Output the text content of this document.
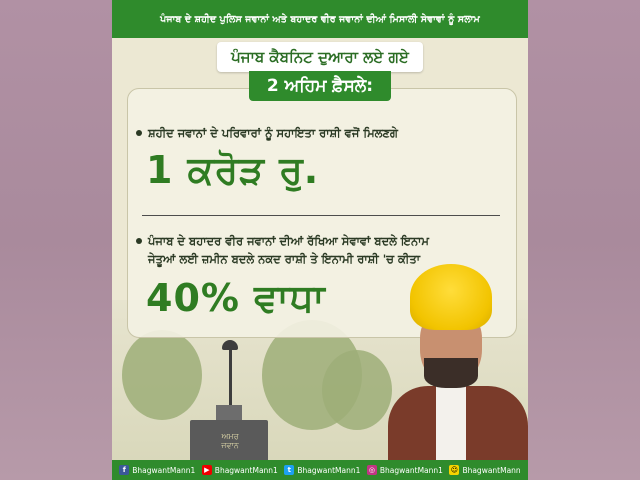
ਅਮਰ ਜਵਾਨ
ਪੰਜਾਬ ਦੇ ਸ਼ਹੀਦ ਪੁਲਿਸ ਜਵਾਨਾਂ ਅਤੇ ਬਹਾਦਰ ਵੀਰ ਜਵਾਨਾਂ ਦੀਆਂ ਮਿਸਾਲੀ ਸੇਵਾਵਾਂ ਨੂੰ ਸਲਾਮ
ਪੰਜਾਬ ਕੈਬਨਿਟ ਦੁਆਰਾ ਲਏ ਗਏ
2 ਅਹਿਮ ਫ਼ੈਸਲੇ:
ਸ਼ਹੀਦ ਜਵਾਨਾਂ ਦੇ ਪਰਿਵਾਰਾਂ ਨੂੰ ਸਹਾਇਤਾ ਰਾਸ਼ੀ ਵਜੋਂ ਮਿਲਣਗੇ
1 ਕਰੋੜ ਰੁ.
ਪੰਜਾਬ ਦੇ ਬਹਾਦਰ ਵੀਰ ਜਵਾਨਾਂ ਦੀਆਂ ਰੱਖਿਆ ਸੇਵਾਵਾਂ ਬਦਲੇ ਇਨਾਮ
ਜੇਤੂਆਂ ਲਈ ਜ਼ਮੀਨ ਬਦਲੇ ਨਕਦ ਰਾਸ਼ੀ ਤੇ ਇਨਾਮੀ ਰਾਸ਼ੀ 'ਚ ਕੀਤਾ
40% ਵਾਧਾ
f BhagwantMann1	▶ BhagwantMann1	t BhagwantMann1 ◎ BhagwantMann1 ☺ BhagwantMann
